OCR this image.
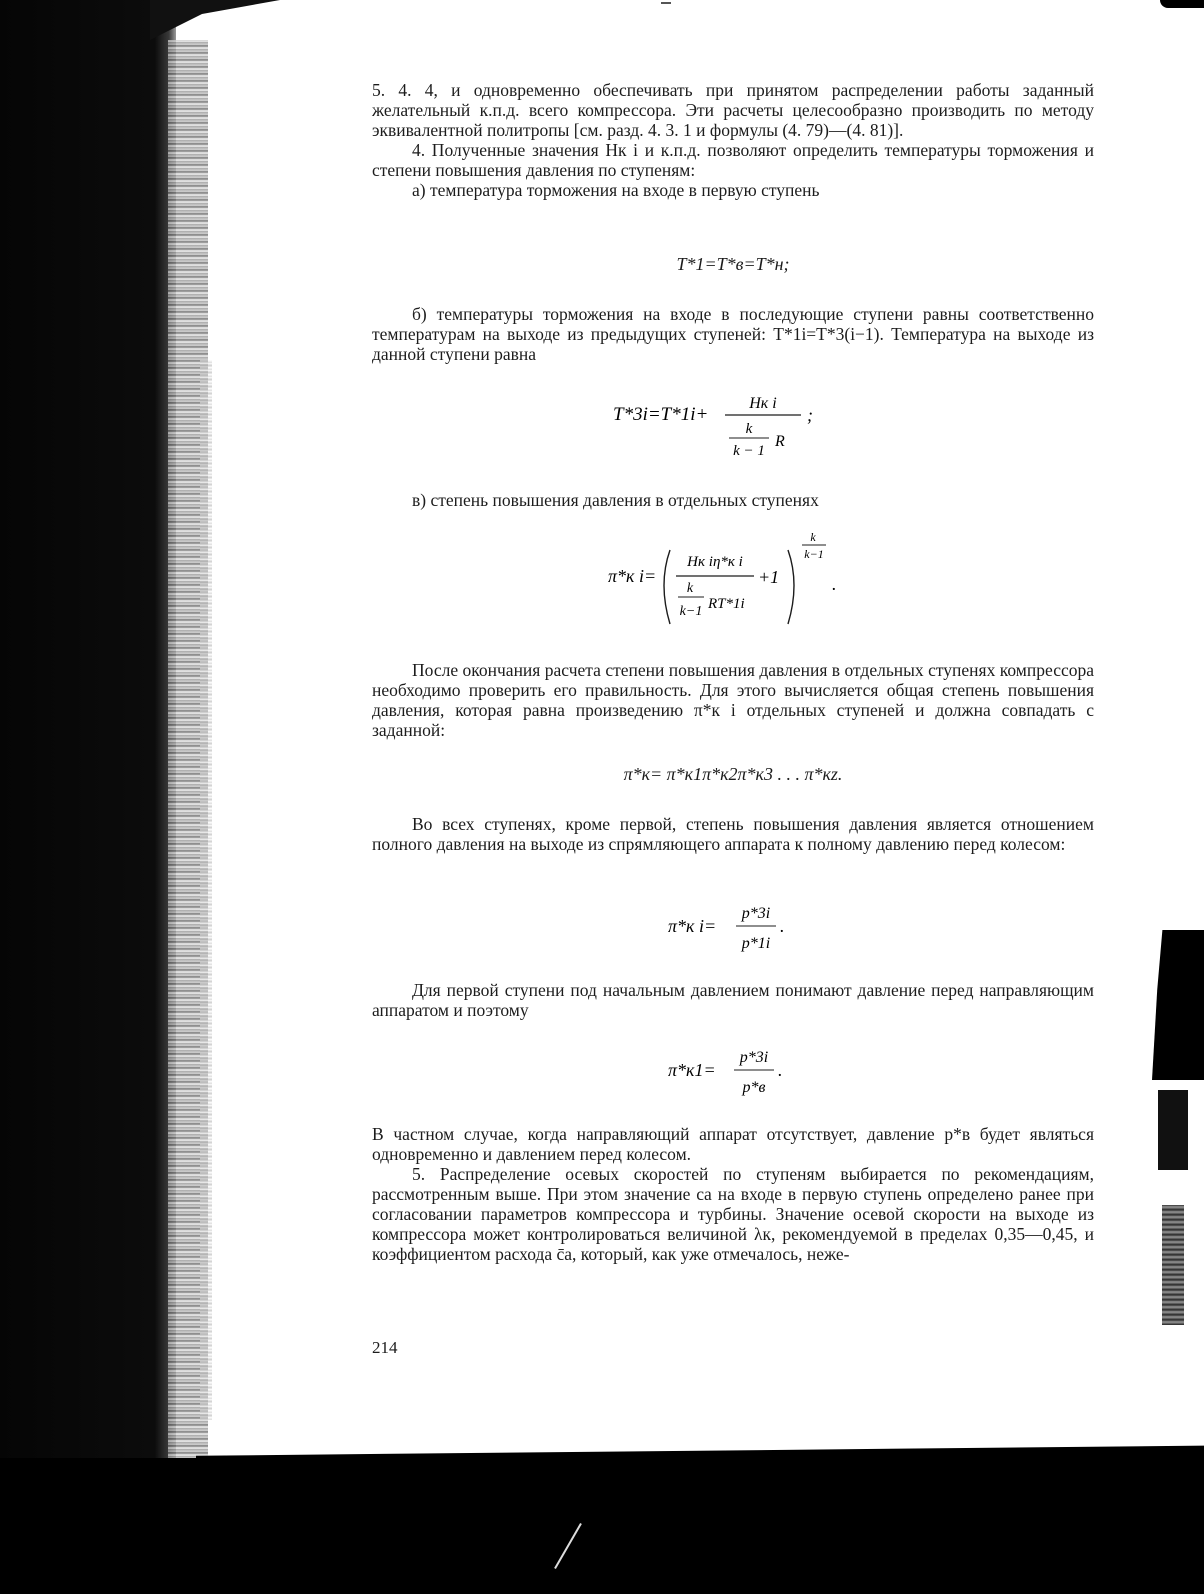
5. 4. 4, и одновременно обеспечивать при принятом распределении работы заданный желательный к.п.д. всего компрессора. Эти расчеты целесообразно производить по методу эквивалентной политропы [см. разд. 4. 3. 1 и формулы (4. 79)—(4. 81)].

4. Полученные значения Hк i и к.п.д. позволяют определить температуры торможения и степени повышения давления по ступеням:

а) температура торможения на входе в первую ступень

T*1=T*в=T*н;

б) температуры торможения на входе в последующие ступени равны соответственно температурам на выходе из предыдущих ступеней: T*1i=T*3(i−1). Температура на выходе из данной ступени равна

T*3i=T*1i+
Hк i
k
k − 1
R
;

в) степень повышения давления в отдельных ступенях

π*к i=
Hк iη*к i
k
k−1 RT*1i
+1
k
k−1
.

После окончания расчета степени повышения давления в отдельных ступенях компрессора необходимо проверить его правильность. Для этого вычисляется общая степень повышения давления, которая равна произведению π*к i отдельных ступеней и должна совпадать с заданной:

π*к= π*к1π*к2π*к3 . . . π*кz.

Во всех ступенях, кроме первой, степень повышения давления является отношением полного давления на выходе из спрямляющего аппарата к полному давлению перед колесом:

π*к i=
p*3i
p*1i
.

Для первой ступени под начальным давлением понимают давление перед направляющим аппаратом и поэтому

π*к1=
p*3i
p*в
.

В частном случае, когда направляющий аппарат отсутствует, давление p*в будет являться одновременно и давлением перед колесом.

5. Распределение осевых скоростей по ступеням выбирается по рекомендациям, рассмотренным выше. При этом значение ca на входе в первую ступень определено ранее при согласовании параметров компрессора и турбины. Значение осевой скорости на выходе из компрессора может контролироваться величиной λк, рекомендуемой в пределах 0,35—0,45, и коэффициентом расхода c̄a, который, как уже отмечалось, неже-

214
